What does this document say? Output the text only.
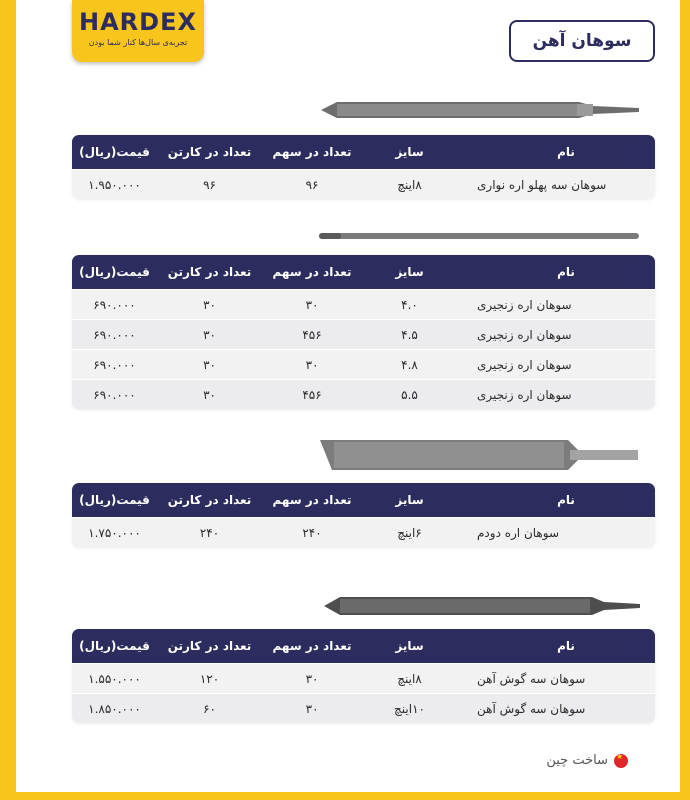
HARDEX
تجربه‌ی سال‌ها کنار شما بودن	سوهان آهن
نام
سایز
تعداد در سهم
تعداد در کارتن
قیمت(ریال)
سوهان سه پهلو اره نواری
۸اینچ
۹۶
۹۶
۱.۹۵۰.۰۰۰
نام
سایز
تعداد در سهم
تعداد در کارتن
قیمت(ریال)
سوهان اره زنجیری
۴.۰
۳۰
۳۰
۶۹۰.۰۰۰
سوهان اره زنجیری
۴.۵
۴۵۶
۳۰
۶۹۰.۰۰۰
سوهان اره زنجیری
۴.۸
۳۰
۳۰
۶۹۰.۰۰۰
سوهان اره زنجیری
۵.۵
۴۵۶
۳۰
۶۹۰.۰۰۰
نام
سایز
تعداد در سهم
تعداد در کارتن
قیمت(ریال)
سوهان اره دودم
۶اینچ
۲۴۰
۲۴۰
۱.۷۵۰.۰۰۰
نام
سایز
تعداد در سهم
تعداد در کارتن
قیمت(ریال)
سوهان سه گوش آهن
۸اینچ
۳۰
۱۲۰
۱.۵۵۰.۰۰۰
سوهان سه گوش آهن
۱۰اینچ
۳۰
۶۰
۱.۸۵۰.۰۰۰
★
ساخت چین
